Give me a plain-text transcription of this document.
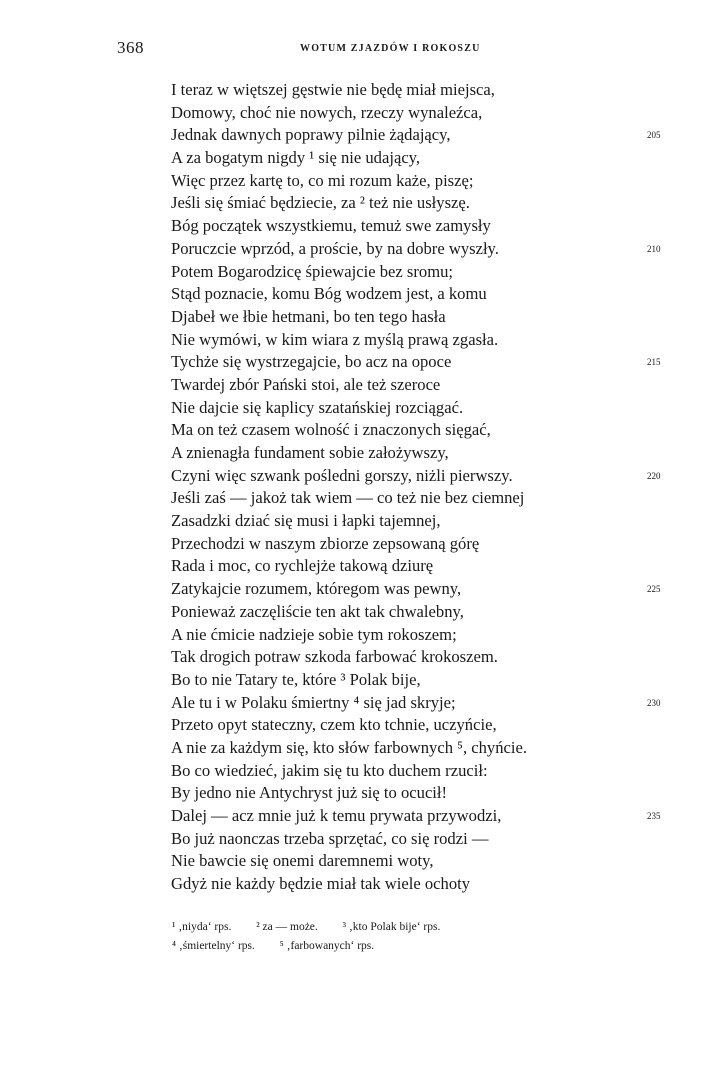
368	WOTUM ZJAZDÓW I ROKOSZU
I teraz w więtszej gęstwie nie będę miał miejsca,
Domowy, choć nie nowych, rzeczy wynaleźca,
Jednak dawnych poprawy pilnie żądający,	205
A za bogatym nigdy ¹ się nie udający,
Więc przez kartę to, co mi rozum każe, piszę;
Jeśli się śmiać będziecie, za ² też nie usłyszę.
Bóg początek wszystkiemu, temuż swe zamysły
Poruczcie wprzód, a proście, by na dobre wyszły.	210
Potem Bogarodzicę śpiewajcie bez sromu;
Stąd poznacie, komu Bóg wodzem jest, a komu
Djabeł we łbie hetmani, bo ten tego hasła
Nie wymówi, w kim wiara z myślą prawą zgasła.
Tychże się wystrzegajcie, bo acz na opoce	215
Twardej zbór Pański stoi, ale też szeroce
Nie dajcie się kaplicy szatańskiej rozciągać.
Ma on też czasem wolność i znaczonych sięgać,
A znienagła fundament sobie założywszy,
Czyni więc szwank pośledni gorszy, niżli pierwszy.	220
Jeśli zaś — jakoż tak wiem — co też nie bez ciemnej
Zasadzki dziać się musi i łapki tajemnej,
Przechodzi w naszym zbiorze zepsowaną górę
Rada i moc, co rychlejże takową dziurę
Zatykajcie rozumem, któregom was pewny,	225
Ponieważ zaczęliście ten akt tak chwalebny,
A nie ćmicie nadzieje sobie tym rokoszem;
Tak drogich potraw szkoda farbować krokoszem.
Bo to nie Tatary te, które ³ Polak bije,
Ale tu i w Polaku śmiertny ⁴ się jad skryje;	230
Przeto opyt stateczny, czem kto tchnie, uczyńcie,
A nie za każdym się, kto słów farbownych ⁵, chyńcie.
Bo co wiedzieć, jakim się tu kto duchem rzucił:
By jedno nie Antychryst już się to ocucił!
Dalej — acz mnie już k temu prywata przywodzi,	235
Bo już naonczas trzeba sprzętać, co się rodzi —
Nie bawcie się onemi daremnemi woty,
Gdyż nie każdy będzie miał tak wiele ochoty
¹ ‚niyda‘ rps. ² za — może. ³ ‚kto Polak bije‘ rps.
⁴ ‚śmiertelny‘ rps. ⁵ ‚farbowanych‘ rps.
